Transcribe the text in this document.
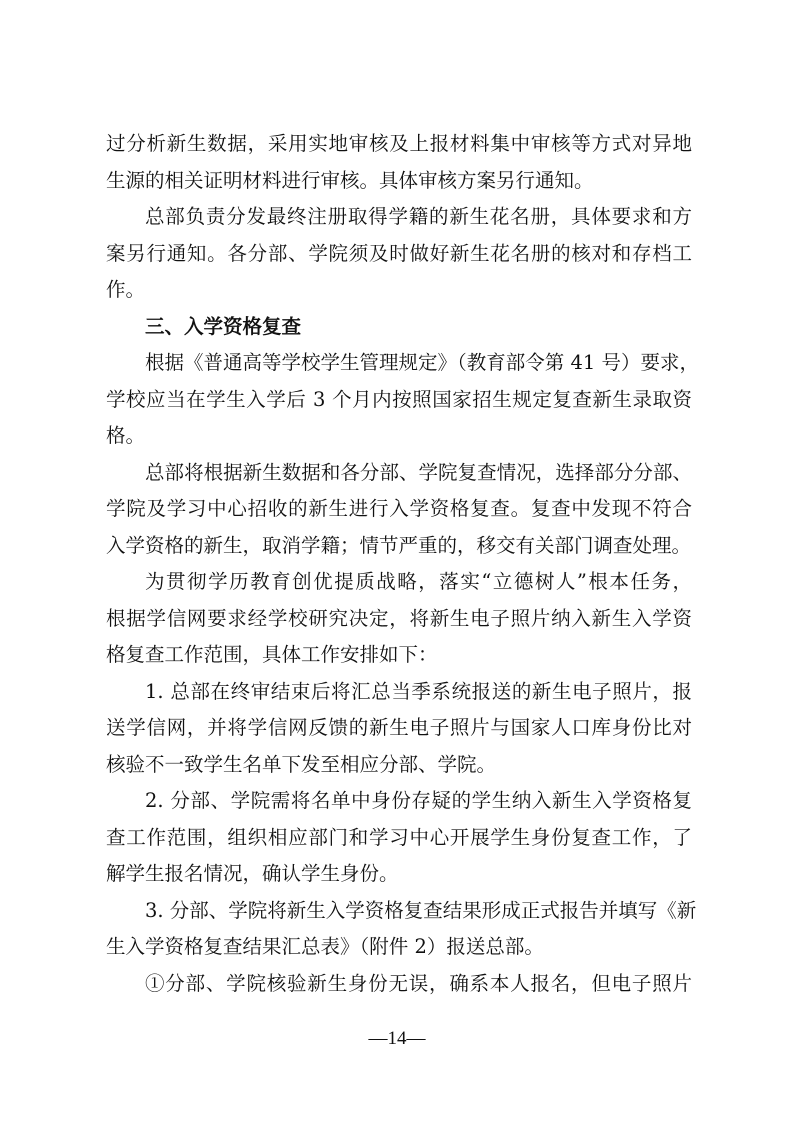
过分析新生数据，采用实地审核及上报材料集中审核等方式对异地
生源的相关证明材料进行审核。具体审核方案另行通知。
总部负责分发最终注册取得学籍的新生花名册，具体要求和方
案另行通知。各分部、学院须及时做好新生花名册的核对和存档工
作。
三、入学资格复查
根据《普通高等学校学生管理规定》（教育部令第 41 号）要求，
学校应当在学生入学后 3 个月内按照国家招生规定复查新生录取资
格。
总部将根据新生数据和各分部、学院复查情况，选择部分分部、
学院及学习中心招收的新生进行入学资格复查。复查中发现不符合
入学资格的新生，取消学籍；情节严重的，移交有关部门调查处理。
为贯彻学历教育创优提质战略，落实“立德树人”根本任务，
根据学信网要求经学校研究决定，将新生电子照片纳入新生入学资
格复查工作范围，具体工作安排如下：
1. 总部在终审结束后将汇总当季系统报送的新生电子照片，报
送学信网，并将学信网反馈的新生电子照片与国家人口库身份比对
核验不一致学生名单下发至相应分部、学院。
2. 分部、学院需将名单中身份存疑的学生纳入新生入学资格复
查工作范围，组织相应部门和学习中心开展学生身份复查工作，了
解学生报名情况，确认学生身份。
3. 分部、学院将新生入学资格复查结果形成正式报告并填写《新
生入学资格复查结果汇总表》（附件 2）报送总部。
①分部、学院核验新生身份无误，确系本人报名，但电子照片
—14—
